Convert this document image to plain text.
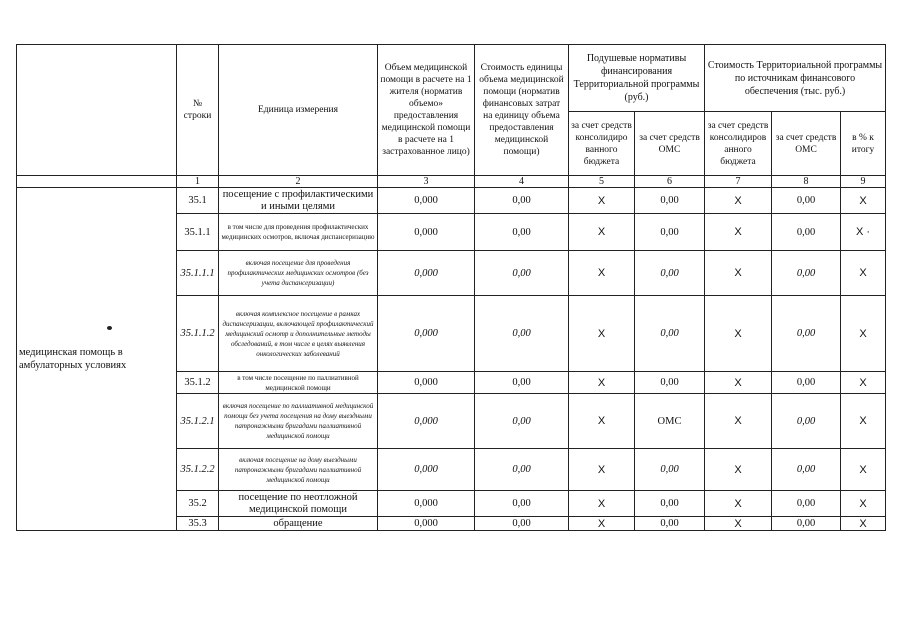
	№ строки	Единица измерения	Объем медицинской помощи в расчете на 1 жителя (норматив объемо» предоставления медицинской помощи в расчете на 1 застрахованное лицо)	Стоимость единицы объема медицинской помощи (норматив финансовых затрат на единицу объема предоставления медицинской помощи)	Подушевые нормативы финансирования Территориальной программы (руб.)		Стоимость Территориальной программы по источникам финансового обеспечения (тыс. руб.)		
					за счет средств консолидиро ванного бюджета	за счет средств ОМС	за счет средств консолидиров анного бюджета	за счет средств ОМС	в % к итогу
	1	2	3	4	5	6	7	8	9
медицинская помощь в амбулаторных условиях	35.1	посещение с профилактическими и иными целями	0,000	0,00	X	0,00	X	0,00	X
	35.1.1	в том числе для проведения профилактических медицинских осмотров, включая диспансеризацию	0,000	0,00	X	0,00	X	0,00	X ·
	35.1.1.1	включая посещение для проведения профилактических медицинских осмотров (без учета диспансеризации)	0,000	0,00	X	0,00	X	0,00	X
	35.1.1.2	включая комплексное посещение в рамках диспансеризации, включающей профилактический медицинский осмотр и дополнительные методы обследований, в том числе в целях выявления онкологических заболеваний	0,000	0,00	X	0,00	X	0,00	X
	35.1.2	в том числе посещение по паллиативной медицинской помощи	0,000	0,00	X	0,00	X	0,00	X
	35.1.2.1	включая посещение по паллиативной медицинской помощи без учета посещения на дому выездными патронажными бригадами паллиативной медицинской помощи	0,000	0,00	X	OMC	X	0,00	X
	35.1.2.2	включая посещение на дому выездными патронажными бригадами паллиативной медицинской помощи	0,000	0,00	X	0,00	X	0,00	X
	35.2	посещение по неотложной медицинской помощи	0,000	0,00	X	0,00	X	0,00	X
	35.3	обращение	0,000	0,00	X	0,00	X	0,00	X
